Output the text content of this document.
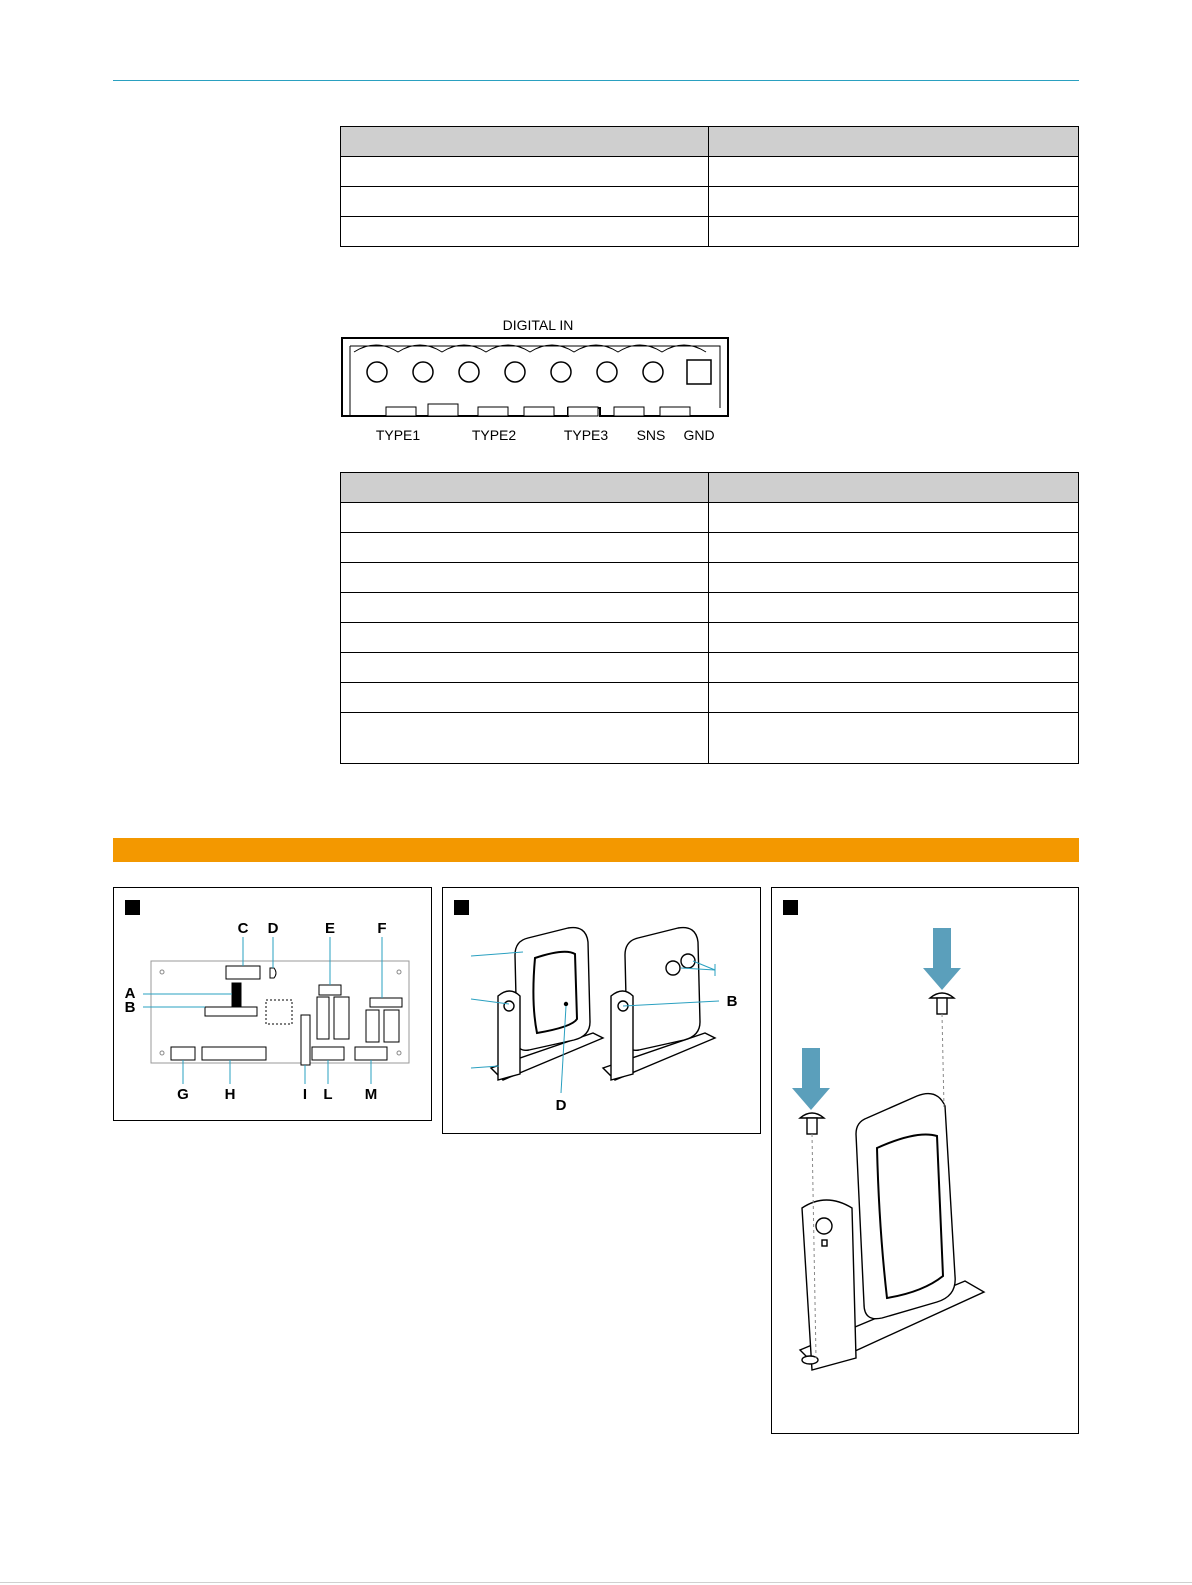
DIGITAL IN
TYPE1	TYPE2	TYPE3 SNS GND

C D	E	F
A
B
G H	I L M
B
D
